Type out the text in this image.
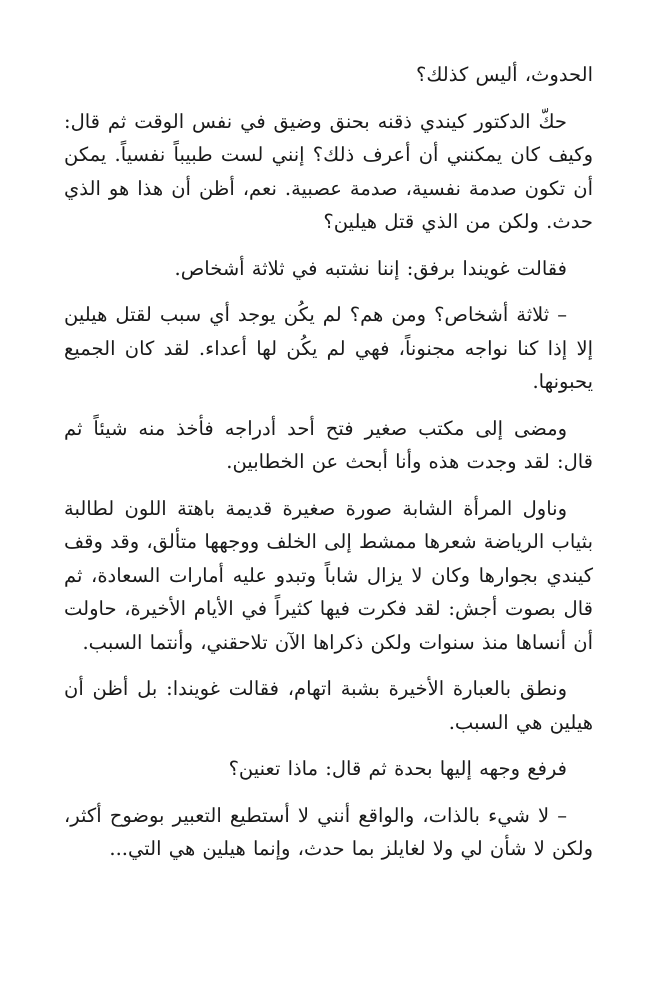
الحدوث، أليس كذلك؟

حكّ الدكتور كيندي ذقنه بحنق وضيق في نفس الوقت ثم قال: وكيف كان يمكنني أن أعرف ذلك؟ إنني لست طبيباً نفسياً. يمكن أن تكون صدمة نفسية، صدمة عصبية. نعم، أظن أن هذا هو الذي حدث. ولكن من الذي قتل هيلين؟

فقالت غويندا برفق: إننا نشتبه في ثلاثة أشخاص.

– ثلاثة أشخاص؟ ومن هم؟ لم يكُن يوجد أي سبب لقتل هيلين إلا إذا كنا نواجه مجنوناً، فهي لم يكُن لها أعداء. لقد كان الجميع يحبونها.

ومضى إلى مكتب صغير فتح أحد أدراجه فأخذ منه شيئاً ثم قال: لقد وجدت هذه وأنا أبحث عن الخطابين.

وناول المرأة الشابة صورة صغيرة قديمة باهتة اللون لطالبة بثياب الرياضة شعرها ممشط إلى الخلف ووجهها متألق، وقد وقف كيندي بجوارها وكان لا يزال شاباً وتبدو عليه أمارات السعادة، ثم قال بصوت أجش: لقد فكرت فيها كثيراً في الأيام الأخيرة، حاولت أن أنساها منذ سنوات ولكن ذكراها الآن تلاحقني، وأنتما السبب.

ونطق بالعبارة الأخيرة بشبة اتهام، فقالت غويندا: بل أظن أن هيلين هي السبب.

فرفع وجهه إليها بحدة ثم قال: ماذا تعنين؟

– لا شيء بالذات، والواقع أنني لا أستطيع التعبير بوضوح أكثر، ولكن لا شأن لي ولا لغايلز بما حدث، وإنما هيلين هي التي...
